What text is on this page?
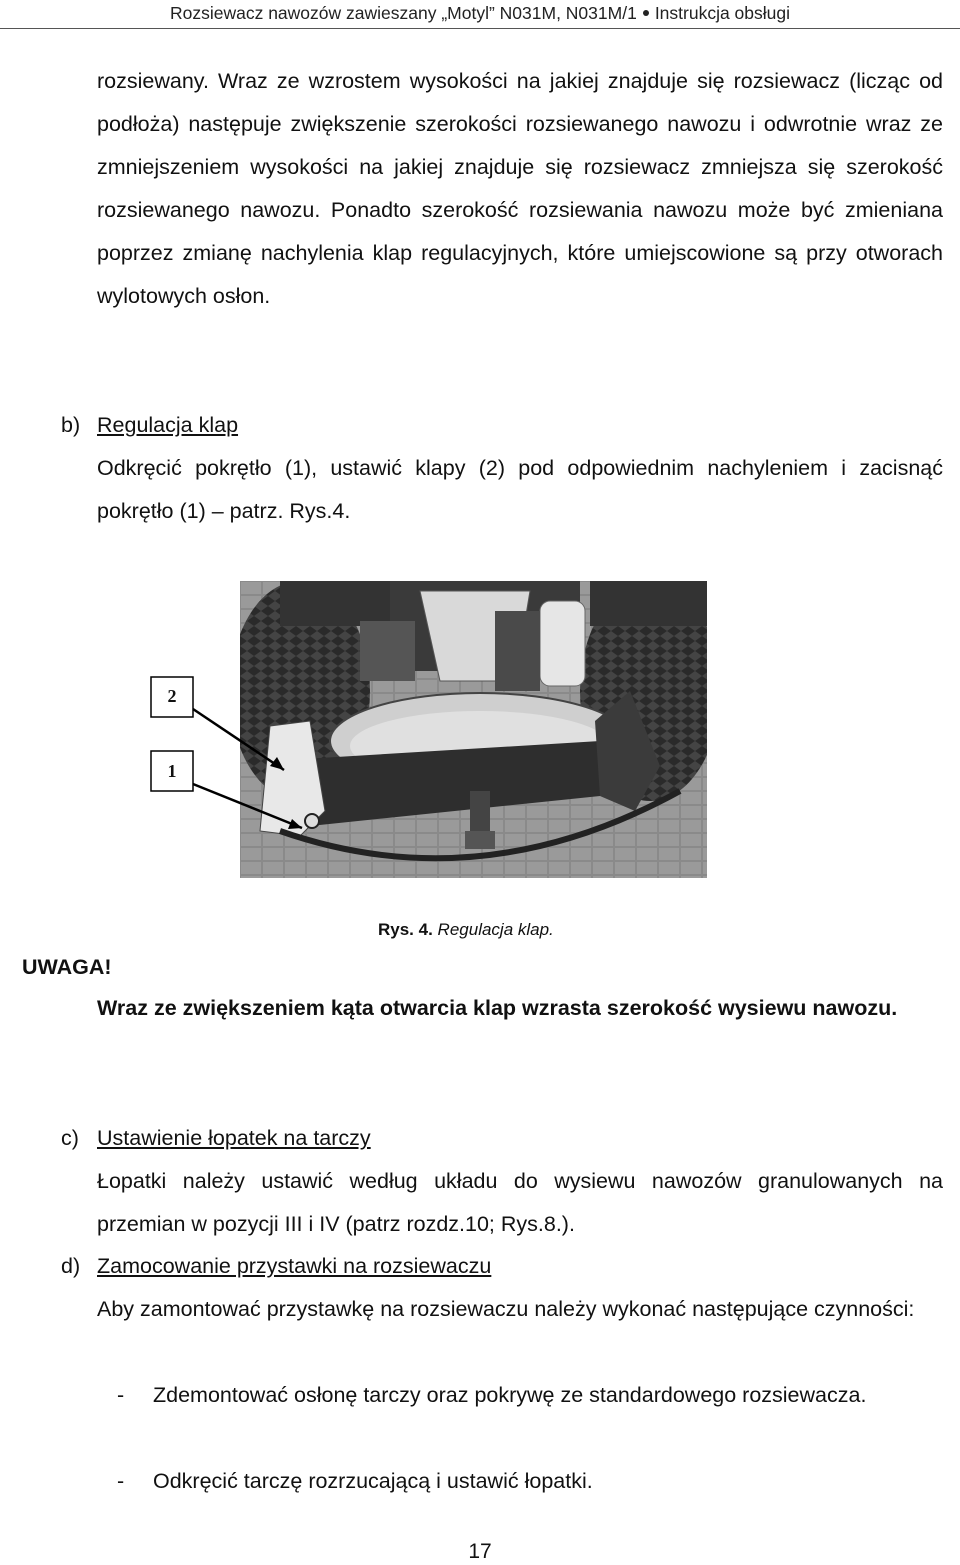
Rozsiewacz nawozów zawieszany „Motyl” N031M, N031M/1 Instrukcja obsługi

rozsiewany. Wraz ze wzrostem wysokości na jakiej znajduje się rozsiewacz (licząc od podłoża) następuje zwiększenie szerokości rozsiewanego nawozu i odwrotnie wraz ze zmniejszeniem wysokości na jakiej znajduje się rozsiewacz zmniejsza się szerokość rozsiewanego nawozu. Ponadto szerokość rozsiewania nawozu może być zmieniana poprzez zmianę nachylenia klap regulacyjnych, które umiejscowione są przy otworach wylotowych osłon.

b) Regulacja klap

Odkręcić pokrętło (1), ustawić klapy (2) pod odpowiednim nachyleniem i zacisnąć pokrętło (1) – patrz. Rys.4.

2
1
Rys. 4. Regulacja klap.
UWAGA!

Wraz ze zwiększeniem kąta otwarcia klap wzrasta szerokość wysiewu nawozu.

c) Ustawienie łopatek na tarczy

Łopatki należy ustawić według układu do wysiewu nawozów granulowanych na przemian w pozycji III i IV (patrz rozdz.10; Rys.8.).

d) Zamocowanie przystawki na rozsiewaczu

Aby zamontować przystawkę na rozsiewaczu należy wykonać następujące czynności:

- Zdemontować osłonę tarczy oraz pokrywę ze standardowego rozsiewacza.

- Odkręcić tarczę rozrzucającą i ustawić łopatki.

17
